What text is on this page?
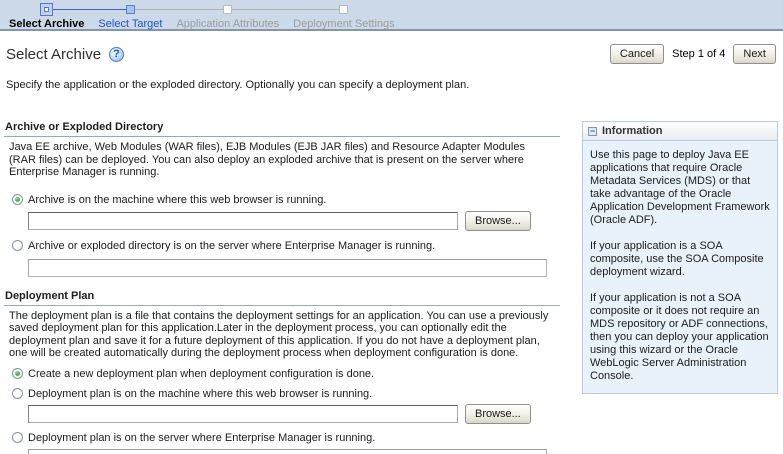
Select Archive	Select Target	Application Attributes	Deployment Settings
Select Archive	?	Cancel	Step 1 of 4	Next
Specify the application or the exploded directory. Optionally you can specify a deployment plan.
Archive or Exploded Directory
Java EE archive, Web Modules (WAR files), EJB Modules (EJB JAR files) and Resource Adapter Modules (RAR files) can be deployed. You can also deploy an exploded archive that is present on the server where Enterprise Manager is running.
Archive is on the machine where this web browser is running.
Browse...
Archive or exploded directory is on the server where Enterprise Manager is running.
Deployment Plan
The deployment plan is a file that contains the deployment settings for an application. You can use a previously saved deployment plan for this application.Later in the deployment process, you can optionally edit the deployment plan and save it for a future deployment of this application. If you do not have a deployment plan, one will be created automatically during the deployment process when deployment configuration is done.
Create a new deployment plan when deployment configuration is done.
Deployment plan is on the machine where this web browser is running.
Browse...
Deployment plan is on the server where Enterprise Manager is running.
− Information

Use this page to deploy Java EE applications that require Oracle Metadata Services (MDS) or that take advantage of the Oracle Application Development Framework (Oracle ADF).

If your application is a SOA composite, use the SOA Composite deployment wizard.

If your application is not a SOA composite or it does not require an MDS repository or ADF connections, then you can deploy your application using this wizard or the Oracle WebLogic Server Administration Console.
